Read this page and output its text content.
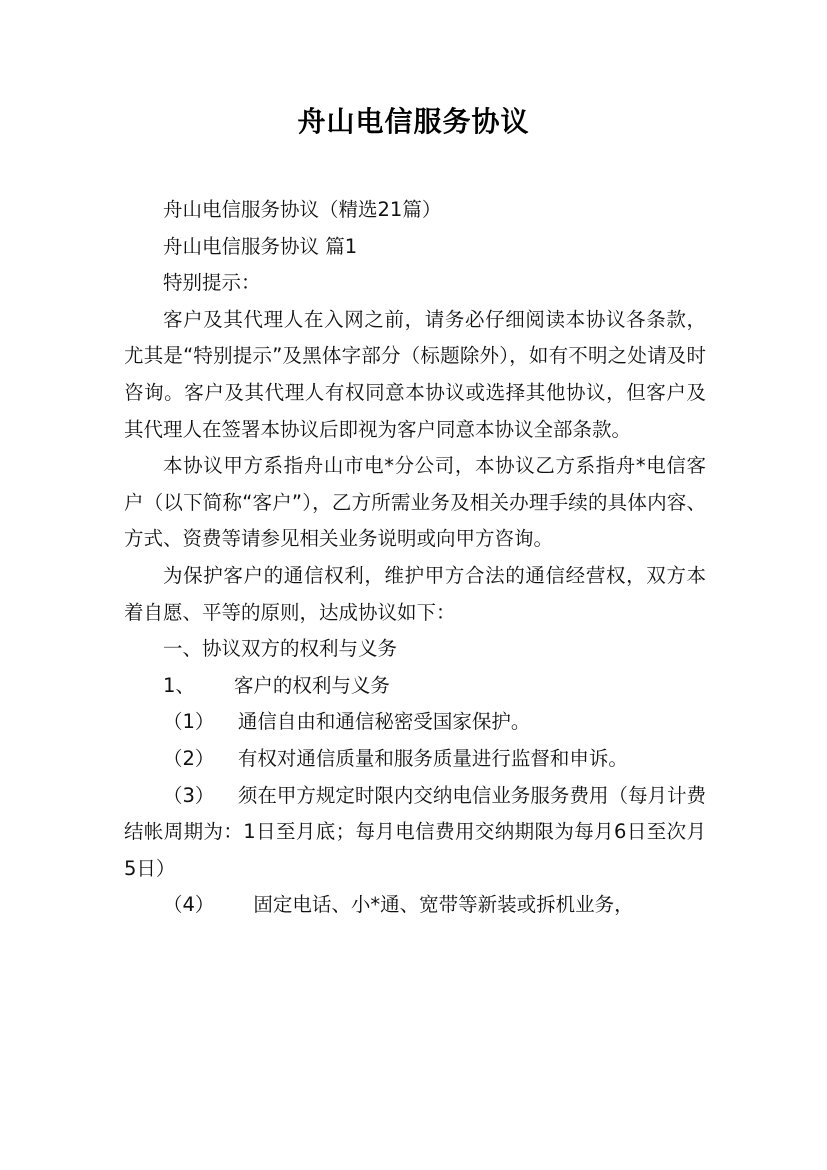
舟山电信服务协议

舟山电信服务协议（精选21篇）

舟山电信服务协议 篇1

特别提示：

客户及其代理人在入网之前，请务必仔细阅读本协议各条款，尤其是“特别提示”及黑体字部分（标题除外），如有不明之处请及时咨询。客户及其代理人有权同意本协议或选择其他协议，但客户及其代理人在签署本协议后即视为客户同意本协议全部条款。

本协议甲方系指舟山市电*分公司，本协议乙方系指舟*电信客户（以下简称“客户”），乙方所需业务及相关办理手续的具体内容、方式、资费等请参见相关业务说明或向甲方咨询。

为保护客户的通信权利，维护甲方合法的通信经营权，双方本着自愿、平等的原则，达成协议如下：

一、协议双方的权利与义务

1、 客户的权利与义务

（1） 通信自由和通信秘密受国家保护。

（2） 有权对通信质量和服务质量进行监督和申诉。

（3） 须在甲方规定时限内交纳电信业务服务费用（每月计费结帐周期为：1日至月底；每月电信费用交纳期限为每月6日至次月5日）

（4） 固定电话、小*通、宽带等新装或拆机业务，
